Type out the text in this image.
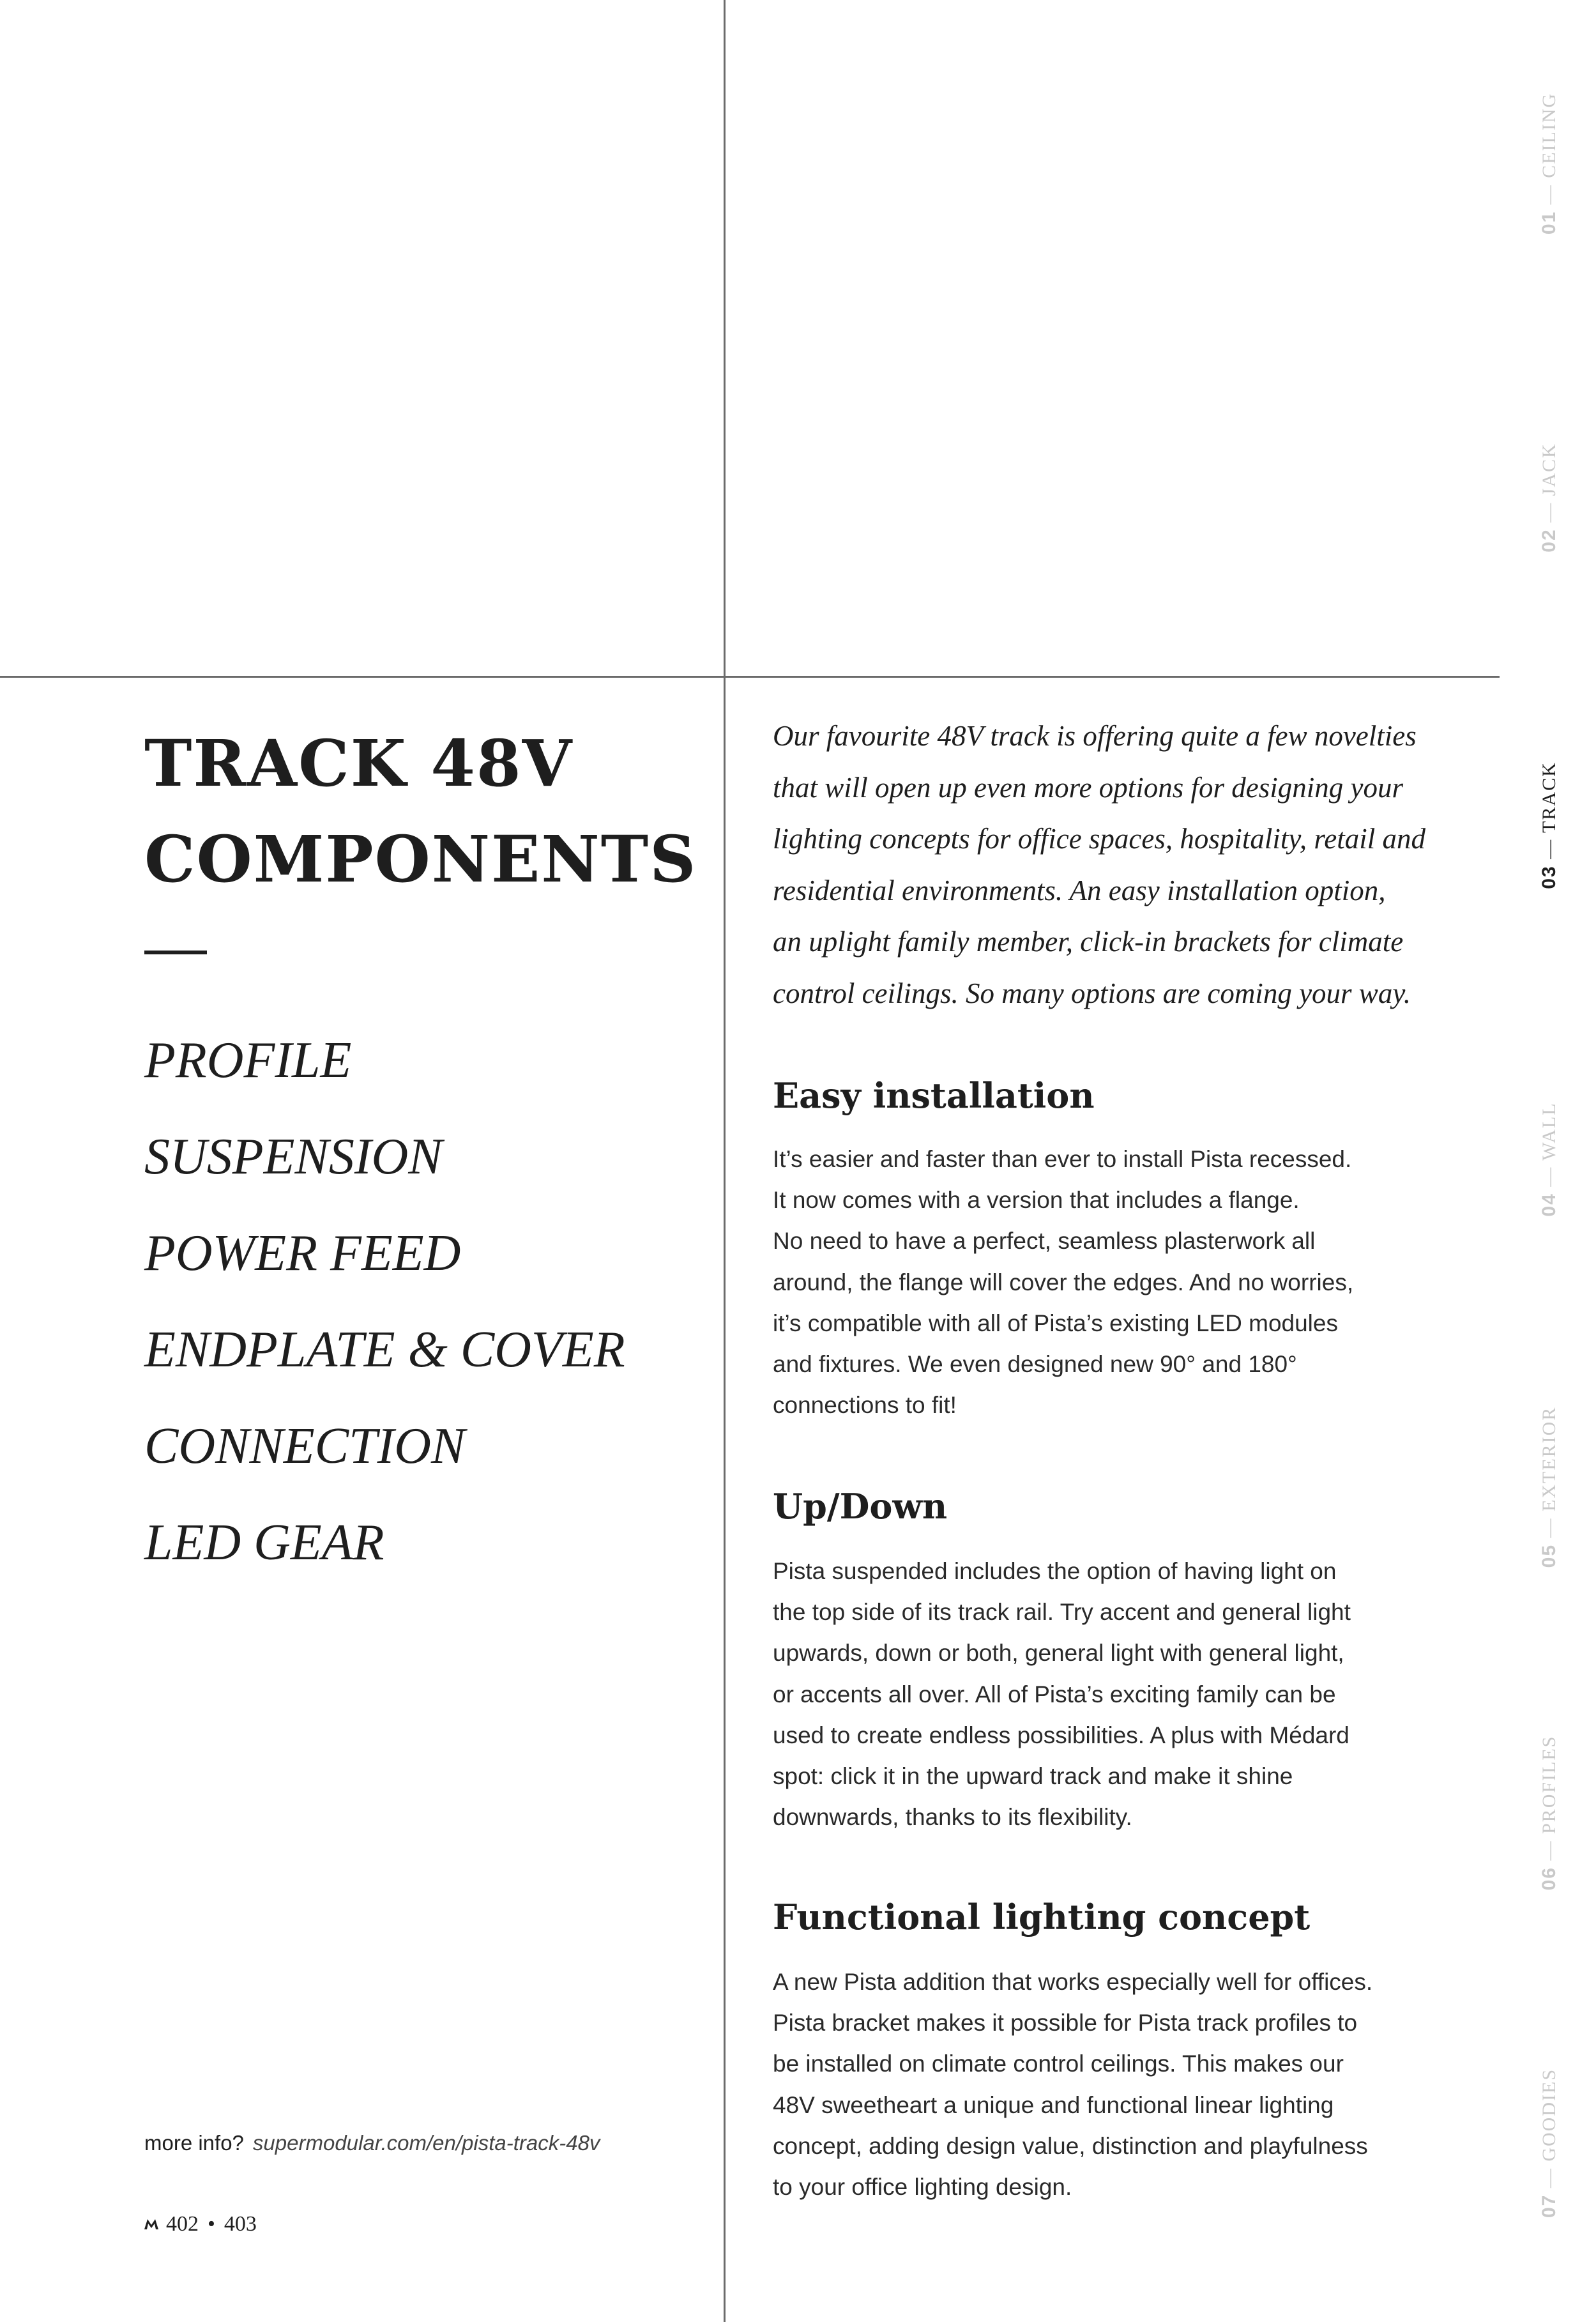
TRACK 48V
COMPONENTS
PROFILE
SUSPENSION
POWER FEED
ENDPLATE & COVER
CONNECTION
LED GEAR
more info? supermodular.com/en/pista-track-48v
402 • 403

Our favourite 48V track is offering quite a few novelties
that will open up even more options for designing your
lighting concepts for office spaces, hospitality, retail and
residential environments. An easy installation option,
an uplight family member, click-in brackets for climate
control ceilings. So many options are coming your way.

Easy installation

It’s easier and faster than ever to install Pista recessed.
It now comes with a version that includes a flange.
No need to have a perfect, seamless plasterwork all
around, the flange will cover the edges. And no worries,
it’s compatible with all of Pista’s existing LED modules
and fixtures. We even designed new 90° and 180°
connections to fit!

Up/Down

Pista suspended includes the option of having light on
the top side of its track rail. Try accent and general light
upwards, down or both, general light with general light,
or accents all over. All of Pista’s exciting family can be
used to create endless possibilities. A plus with Médard
spot: click it in the upward track and make it shine
downwards, thanks to its flexibility.

Functional lighting concept

A new Pista addition that works especially well for offices.
Pista bracket makes it possible for Pista track profiles to
be installed on climate control ceilings. This makes our
48V sweetheart a unique and functional linear lighting
concept, adding design value, distinction and playfulness
to your office lighting design.

01 — CEILING
02 — JACK
03 — TRACK
04 — WALL
05 — EXTERIOR
06 — PROFILES
07 — GOODIES
